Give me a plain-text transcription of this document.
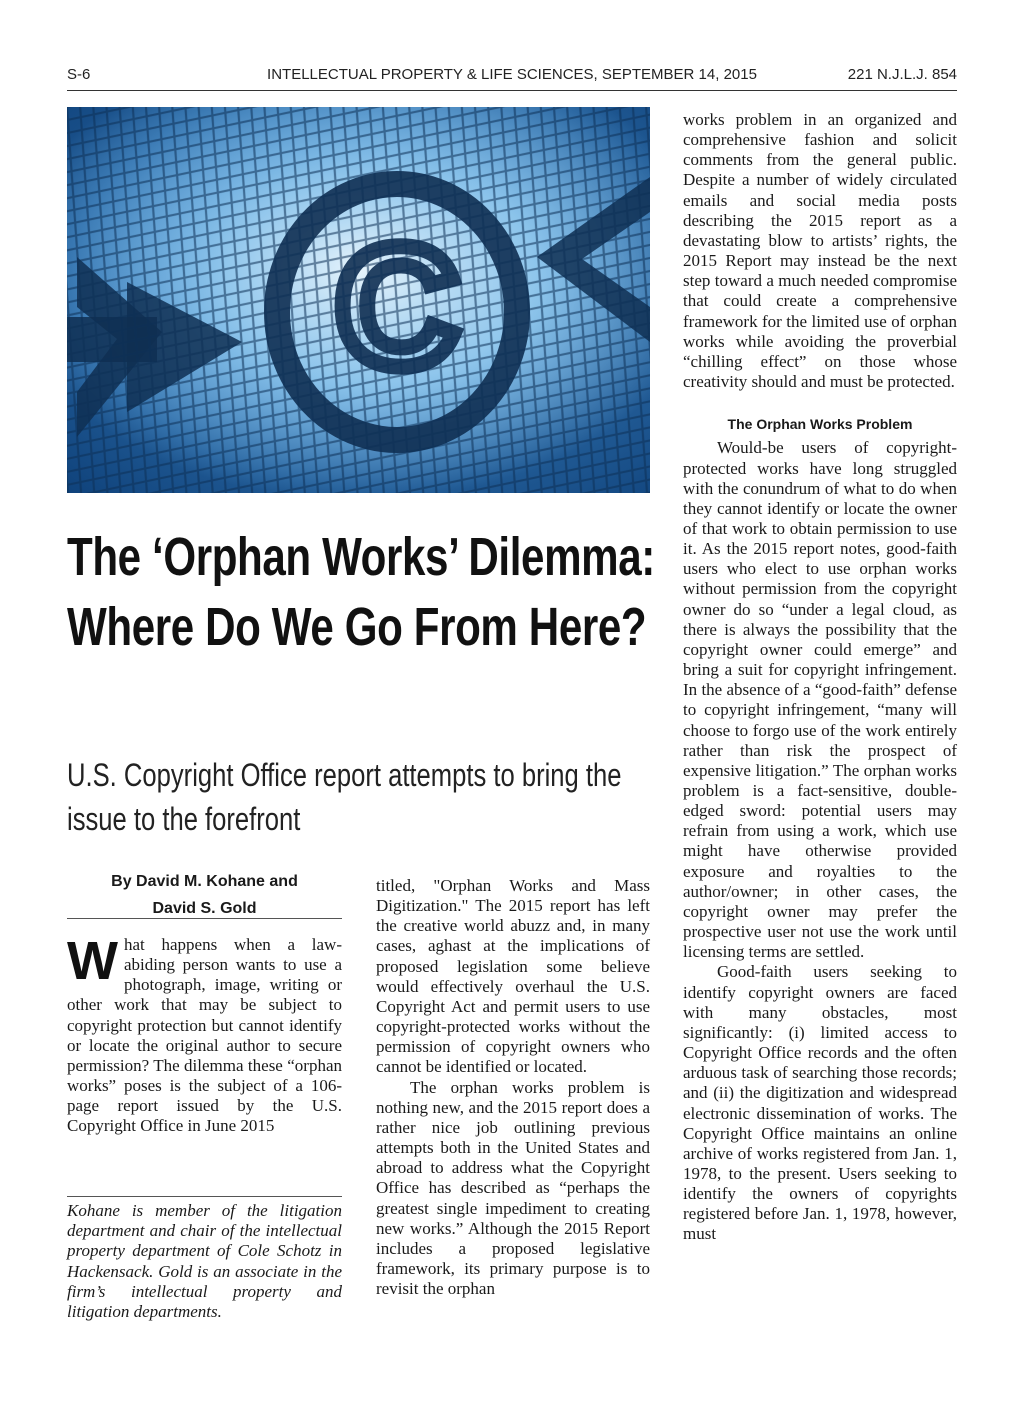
S-6	INTELLECTUAL PROPERTY & LIFE SCIENCES, SEPTEMBER 14, 2015	221 N.J.L.J. 854
The ‘Orphan Works’ Dilemma: Where Do We Go From Here?
U.S. Copyright Office report attempts to bring the issue to the forefront
By David M. Kohane and
David S. Gold

What happens when a law-abiding person wants to use a photograph, image, writing or other work that may be subject to copyright protection but cannot identify or locate the original author to secure permission? The dilemma these “orphan works” poses is the subject of a 106-page report issued by the U.S. Copyright Office in June 2015

Kohane is member of the litigation department and chair of the intellectual property department of Cole Schotz in Hackensack. Gold is an associate in the firm’s intellectual property and litigation departments.

titled, "Orphan Works and Mass Digitization." The 2015 report has left the creative world abuzz and, in many cases, aghast at the implications of proposed legislation some believe would effectively overhaul the U.S. Copyright Act and permit users to use copyright-protected works without the permission of copyright owners who cannot be identified or located.

The orphan works problem is nothing new, and the 2015 report does a rather nice job outlining previous attempts both in the United States and abroad to address what the Copyright Office has described as “perhaps the greatest single impediment to creating new works.” Although the 2015 Report includes a proposed legislative framework, its primary purpose is to revisit the orphan

works problem in an organized and comprehensive fashion and solicit comments from the general public. Despite a number of widely circulated emails and social media posts describing the 2015 report as a devastating blow to artists’ rights, the 2015 Report may instead be the next step toward a much needed compromise that could create a comprehensive framework for the limited use of orphan works while avoiding the proverbial “chilling effect” on those whose creativity should and must be protected.

The Orphan Works Problem

Would-be users of copyright-protected works have long struggled with the conundrum of what to do when they cannot identify or locate the owner of that work to obtain permission to use it. As the 2015 report notes, good-faith users who elect to use orphan works without permission from the copyright owner do so “under a legal cloud, as there is always the possibility that the copyright owner could emerge” and bring a suit for copyright infringement. In the absence of a “good-faith” defense to copyright infringement, “many will choose to forgo use of the work entirely rather than risk the prospect of expensive litigation.” The orphan works problem is a fact-sensitive, double-edged sword: potential users may refrain from using a work, which use might have otherwise provided exposure and royalties to the author/owner; in other cases, the copyright owner may prefer the prospective user not use the work until licensing terms are settled.

Good-faith users seeking to identify copyright owners are faced with many obstacles, most significantly: (i) limited access to Copyright Office records and the often arduous task of searching those records; and (ii) the digitization and widespread electronic dissemination of works. The Copyright Office maintains an online archive of works registered from Jan. 1, 1978, to the present. Users seeking to identify the owners of copyrights registered before Jan. 1, 1978, however, must
